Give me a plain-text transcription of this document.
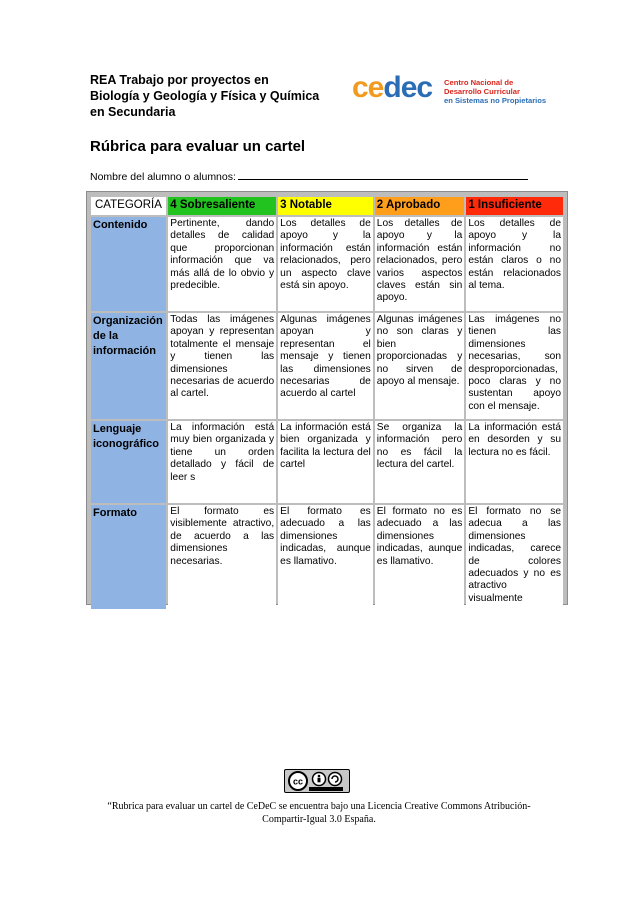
REA Trabajo por proyectos en
Biología y Geología y Física y Química
en Secundaria
cedec Centro Nacional de
Desarrollo Curricular
en Sistemas no Propietarios
Rúbrica para evaluar un cartel
Nombre del alumno o alumnos:
CATEGORÍA	4 Sobresaliente	3 Notable	2 Aprobado	1 Insuficiente
Contenido	Pertinente, dando detalles de calidad que proporcionan información que va más allá de lo obvio y predecible.	Los detalles de apoyo y la información están relacionados, pero un aspecto clave está sin apoyo.	Los detalles de apoyo y la información están relacionados, pero varios aspectos claves están sin apoyo.	Los detalles de apoyo y la información no están claros o no están relacionados al tema.
Organización de la información	Todas las imágenes apoyan y representan totalmente el mensaje y tienen las dimensiones necesarias de acuerdo al cartel.	Algunas imágenes apoyan y representan el mensaje y tienen las dimensiones necesarias de acuerdo al cartel	Algunas imágenes no son claras y bien proporcionadas y no sirven de apoyo al mensaje.	Las imágenes no tienen las dimensiones necesarias, son desproporcionadas, poco claras y no sustentan apoyo con el mensaje.
Lenguaje iconográfico	La información está muy bien organizada y tiene un orden detallado y fácil de leer s	La información está bien organizada y facilita la lectura del cartel	Se organiza la información pero no es fácil la lectura del cartel.	La información está en desorden y su lectura no es fácil.
Formato	El formato es visiblemente atractivo, de acuerdo a las dimensiones necesarias.	El formato es adecuado a las dimensiones indicadas, aunque es llamativo.	El formato no es adecuado a las dimensiones indicadas, aunque es llamativo.	El formato no se adecua a las dimensiones indicadas, carece de colores adecuados y no es atractivo visualmente
cc
“Rubrica para evaluar un cartel de CeDeC se encuentra bajo una Licencia Creative Commons Atribución-
Compartir-Igual 3.0 España.
